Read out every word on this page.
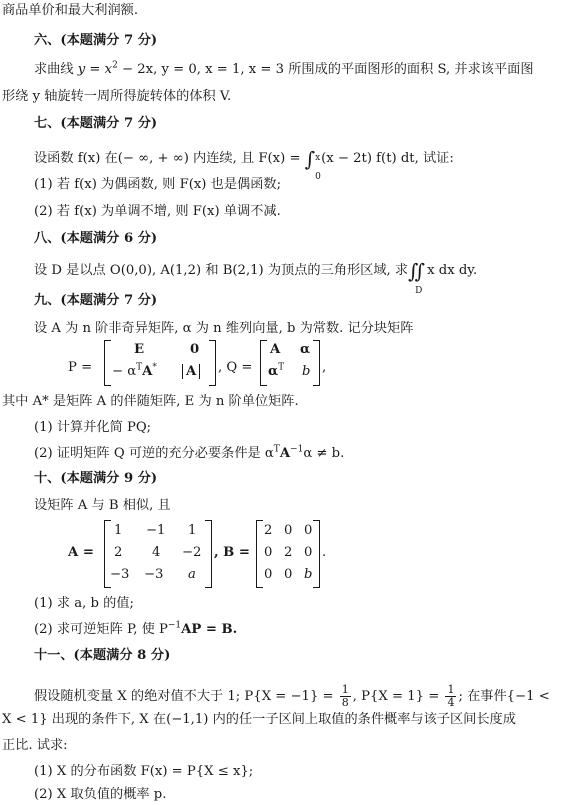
商品单价和最大利润额.
六、(本题满分 7 分)
求曲线 $y = x^2 - 2x$, y = 0, x = 1, x = 3 所围成的平面图形的面积 S, 并求该平面图
形绕 y 轴旋转一周所得旋转体的体积 V.
七、(本题满分 7 分)
设函数 f(x) 在(− ∞, + ∞) 内连续, 且 F(x) = ∫ x
0
(x − 2t) f(t) dt, 试证:
(1) 若 f(x) 为偶函数, 则 F(x) 也是偶函数;
(2) 若 f(x) 为单调不增, 则 F(x) 单调不减.
八、(本题满分 6 分)
设 D 是以点 O(0,0), A(1,2) 和 B(2,1) 为顶点的三角形区域, 求∬
D
x dx dy.
九、(本题满分 7 分)
设 A 为 n 阶非奇异矩阵, α 为 n 维列向量, b 为常数. 记分块矩阵
P =
E	0
− $\alpha^TA^*$	A	, Q =
A α
$\alpha^T$ b ,
其中 A* 是矩阵 A 的伴随矩阵, E 为 n 阶单位矩阵.
(1) 计算并化简 PQ;
(2) 证明矩阵 Q 可逆的充分必要条件是 $\alpha^TA^{-1}\alpha \ne b$.
十、(本题满分 9 分)
设矩阵 A 与 B 相似, 且
A =
1 −1 1
2 4 −2
−3 −3 a
, B =
2 0 0
0 2 0
0 0 b
.
(1) 求 a, b 的值;
(2) 求可逆矩阵 P, 使 $P^{-1}AP = B$.
十一、(本题满分 8 分)
假设随机变量 X 的绝对值不大于 1; $P\{X = -1\} = \frac{1}{8}$ , $P\{X = 1\} = \frac{1}{4}$ ; 在事件{−1 <
X < 1} 出现的条件下, X 在(−1,1) 内的任一子区间上取值的条件概率与该子区间长度成
正比. 试求:
(1) X 的分布函数 F(x) = P{X ≤ x};
(2) X 取负值的概率 p.
